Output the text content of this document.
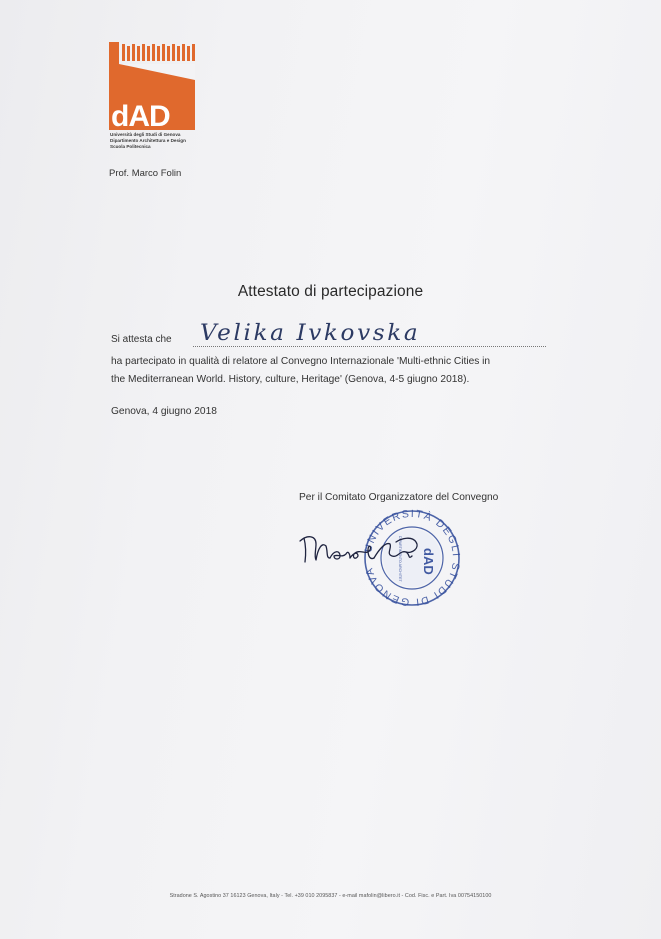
dAD
Università degli Studi di Genova
Dipartimento Architettura e Design
Scuola Politecnica
Prof. Marco Folin
Attestato di partecipazione
Si attesta che Velika Ivkovska
ha partecipato in qualità di relatore al Convegno Internazionale 'Multi-ethnic Cities in
the Mediterranean World. History, culture, Heritage' (Genova, 4-5 giugno 2018).
Genova, 4 giugno 2018
Per il Comitato Organizzatore del Convegno
UNIVERSITÀ DEGLI STUDI DI GENOVA	dAD
DIPARTIMENTO ARCHITET
Stradone S. Agostino 37 16123 Genova, Italy - Tel. +39 010 2095837 - e-mail mafolin@libero.it - Cod. Fisc. e Part. Iva 00754150100
